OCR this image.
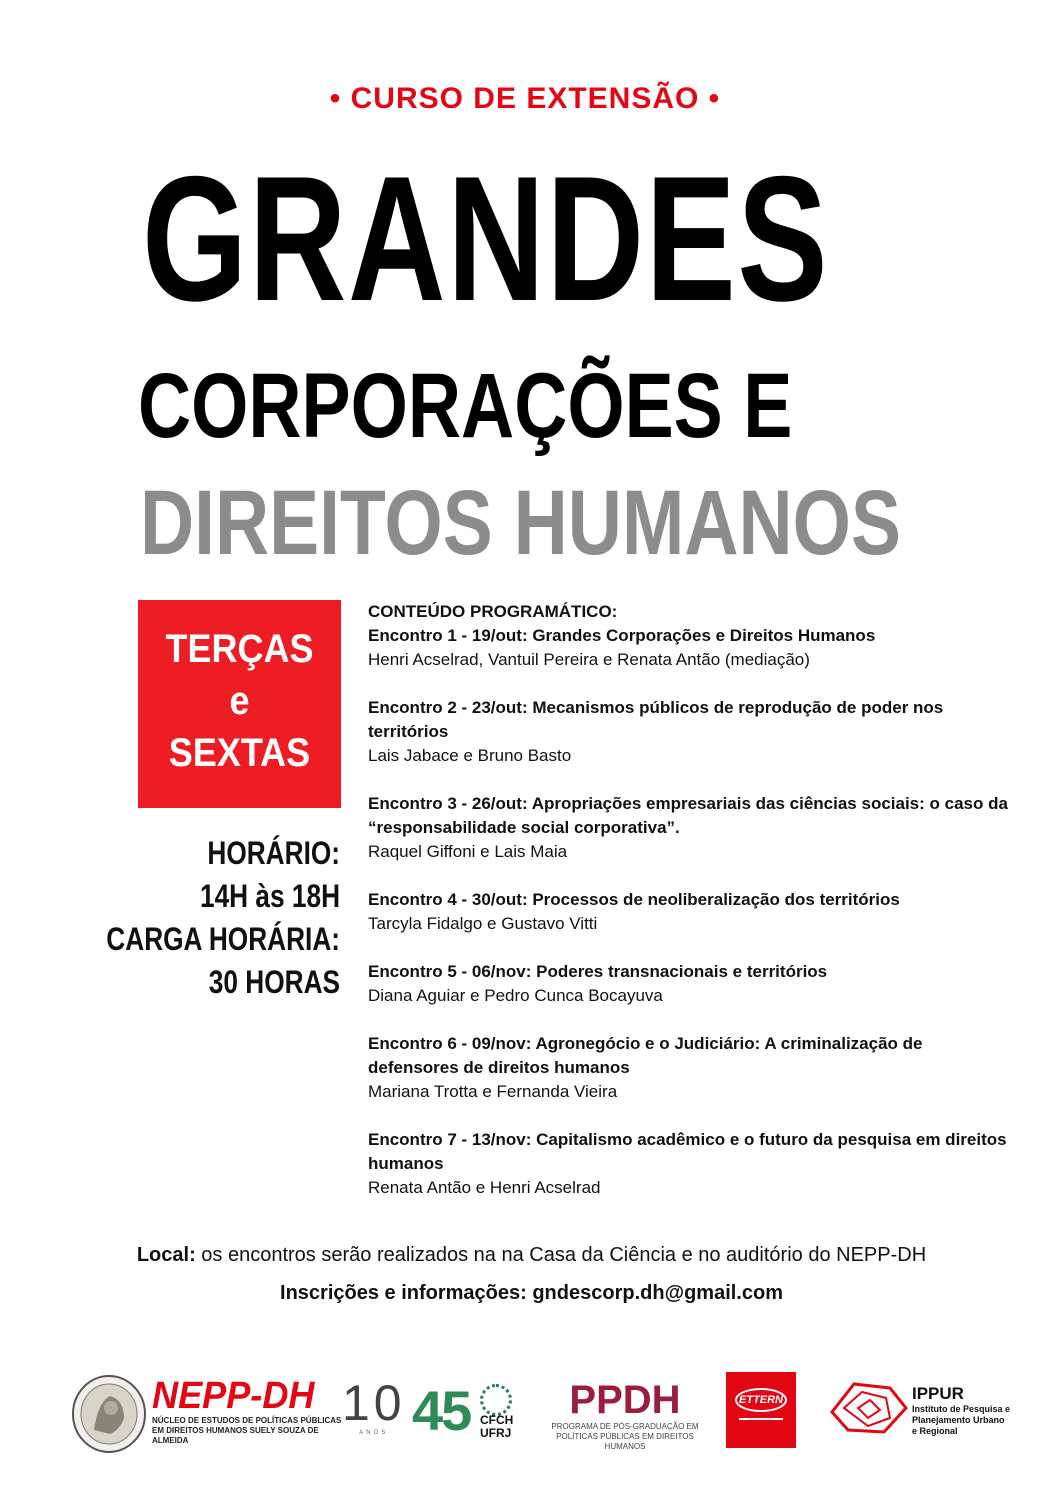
• CURSO DE EXTENSÃO •
GRANDES
CORPORAÇÕES E
DIREITOS HUMANOS
TERÇAS
e
SEXTAS
HORÁRIO:
14H às 18H
CARGA HORÁRIA:
30 HORAS
CONTEÚDO PROGRAMÁTICO:
Encontro 1 - 19/out: Grandes Corporações e Direitos Humanos
Henri Acselrad, Vantuil Pereira e Renata Antão (mediação)
Encontro 2 - 23/out: Mecanismos públicos de reprodução de poder nos territórios
Lais Jabace e Bruno Basto
Encontro 3 - 26/out: Apropriações empresariais das ciências sociais: o caso da “responsabilidade social corporativa”.
Raquel Giffoni e Lais Maia
Encontro 4 - 30/out: Processos de neoliberalização dos territórios
Tarcyla Fidalgo e Gustavo Vitti
Encontro 5 - 06/nov: Poderes transnacionais e territórios
Diana Aguiar e Pedro Cunca Bocayuva
Encontro 6 - 09/nov: Agronegócio e o Judiciário: A criminalização de defensores de direitos humanos
Mariana Trotta e Fernanda Vieira
Encontro 7 - 13/nov: Capitalismo acadêmico e o futuro da pesquisa em direitos humanos
Renata Antão e Henri Acselrad
Local: os encontros serão realizados na na Casa da Ciência e no auditório do NEPP-DH
Inscrições e informações: gndescorp.dh@gmail.com
NEPP-DH
NÚCLEO DE ESTUDOS DE POLÍTICAS PÚBLICAS
EM DIREITOS HUMANOS SUELY SOUZA DE ALMEIDA
10
ANOS 45 CFCH
UFRJ
PPDH
PROGRAMA DE PÓS-GRADUAÇÃO EM
POLÍTICAS PÚBLICAS EM DIREITOS HUMANOS
ETTERN	IPPUR
Instituto de Pesquisa e
Planejamento Urbano
e Regional
